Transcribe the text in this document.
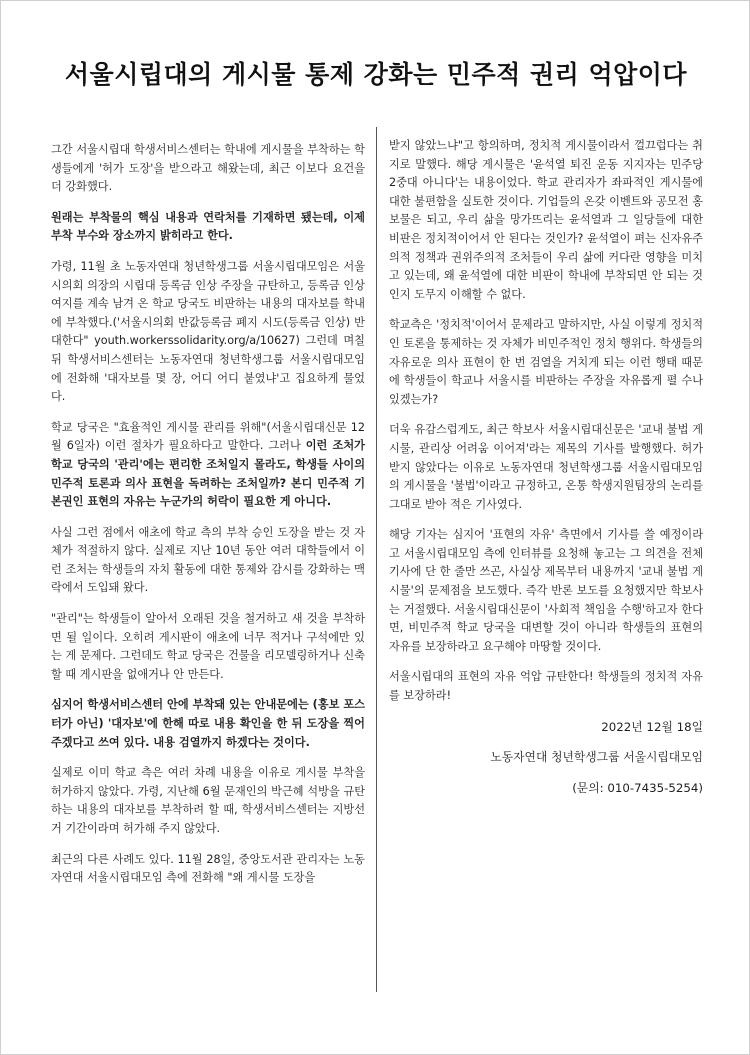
서울시립대의 게시물 통제 강화는 민주적 권리 억압이다

그간 서울시립대 학생서비스센터는 학내에 게시물을 부착하는 학생들에게 '허가 도장'을 받으라고 해왔는데, 최근 이보다 요건을 더 강화했다.

원래는 부착물의 핵심 내용과 연락처를 기재하면 됐는데, 이제 부착 부수와 장소까지 밝히라고 한다.

가령, 11월 초 노동자연대 청년학생그룹 서울시립대모임은 서울시의회 의장의 시립대 등록금 인상 주장을 규탄하고, 등록금 인상 여지를 계속 남겨 온 학교 당국도 비판하는 내용의 대자보를 학내에 부착했다.('서울시의회 반값등록금 폐지 시도(등록금 인상) 반대한다" youth.workerssolidarity.org/a/10627) 그런데 며칠 뒤 학생서비스센터는 노동자연대 청년학생그룹 서울시립대모임에 전화해 '대자보를 몇 장, 어디 어디 붙였냐'고 집요하게 물었다.

학교 당국은 "효율적인 게시물 관리를 위해"(서울시립대신문 12월 6일자) 이런 절차가 필요하다고 말한다. 그러나 이런 조처가 학교 당국의 '관리'에는 편리한 조처일지 몰라도, 학생들 사이의 민주적 토론과 의사 표현을 독려하는 조처일까? 본디 민주적 기본권인 표현의 자유는 누군가의 허락이 필요한 게 아니다.

사실 그런 점에서 애초에 학교 측의 부착 승인 도장을 받는 것 자체가 적절하지 않다. 실제로 지난 10년 동안 여러 대학들에서 이런 조처는 학생들의 자치 활동에 대한 통제와 감시를 강화하는 맥락에서 도입돼 왔다.

"관리"는 학생들이 알아서 오래된 것을 철거하고 새 것을 부착하면 될 일이다. 오히려 게시판이 애초에 너무 적거나 구석에만 있는 게 문제다. 그런데도 학교 당국은 건물을 리모델링하거나 신축할 때 게시판을 없애거나 안 만든다.

심지어 학생서비스센터 안에 부착돼 있는 안내문에는 (홍보 포스터가 아닌) '대자보'에 한해 따로 내용 확인을 한 뒤 도장을 찍어 주겠다고 쓰여 있다. 내용 검열까지 하겠다는 것이다.

실제로 이미 학교 측은 여러 차례 내용을 이유로 게시물 부착을 허가하지 않았다. 가령, 지난해 6월 문재인의 박근혜 석방을 규탄하는 내용의 대자보를 부착하려 할 때, 학생서비스센터는 지방선거 기간이라며 허가해 주지 않았다.

최근의 다른 사례도 있다. 11월 28일, 중앙도서관 관리자는 노동자연대 서울시립대모임 측에 전화해 "왜 게시물 도장을

받지 않았느냐"고 항의하며, 정치적 게시물이라서 껄끄럽다는 취지로 말했다. 해당 게시물은 '윤석열 퇴진 운동 지지자는 민주당 2중대 아니다'는 내용이었다. 학교 관리자가 좌파적인 게시물에 대한 불편함을 실토한 것이다. 기업들의 온갖 이벤트와 공모전 홍보물은 되고, 우리 삶을 망가뜨리는 윤석열과 그 일당들에 대한 비판은 정치적이어서 안 된다는 것인가? 윤석열이 펴는 신자유주의적 정책과 권위주의적 조처들이 우리 삶에 커다란 영향을 미치고 있는데, 왜 윤석열에 대한 비판이 학내에 부착되면 안 되는 것인지 도무지 이해할 수 없다.

학교측은 '정치적'이어서 문제라고 말하지만, 사실 이렇게 정치적인 토론을 통제하는 것 자체가 비민주적인 정치 행위다. 학생들의 자유로운 의사 표현이 한 번 검열을 거치게 되는 이런 행태 때문에 학생들이 학교나 서울시를 비판하는 주장을 자유롭게 펼 수나 있겠는가?

더욱 유감스럽게도, 최근 학보사 서울시립대신문은 '교내 불법 게시물, 관리상 어려움 이어져'라는 제목의 기사를 발행했다. 허가받지 않았다는 이유로 노동자연대 청년학생그룹 서울시립대모임의 게시물을 '불법'이라고 규정하고, 온통 학생지원팀장의 논리를 그대로 받아 적은 기사였다.

해당 기자는 심지어 '표현의 자유' 측면에서 기사를 쓸 예정이라고 서울시립대모임 측에 인터뷰를 요청해 놓고는 그 의견을 전체 기사에 단 한 줄만 쓰곤, 사실상 제목부터 내용까지 '교내 불법 게시물'의 문제점을 보도했다. 즉각 반론 보도를 요청했지만 학보사는 거절했다. 서울시립대신문이 '사회적 책임을 수행'하고자 한다면, 비민주적 학교 당국을 대변할 것이 아니라 학생들의 표현의 자유를 보장하라고 요구해야 마땅할 것이다.

서울시립대의 표현의 자유 억압 규탄한다! 학생들의 정치적 자유를 보장하라!

2022년 12월 18일

노동자연대 청년학생그룹 서울시립대모임

(문의: 010-7435-5254)
